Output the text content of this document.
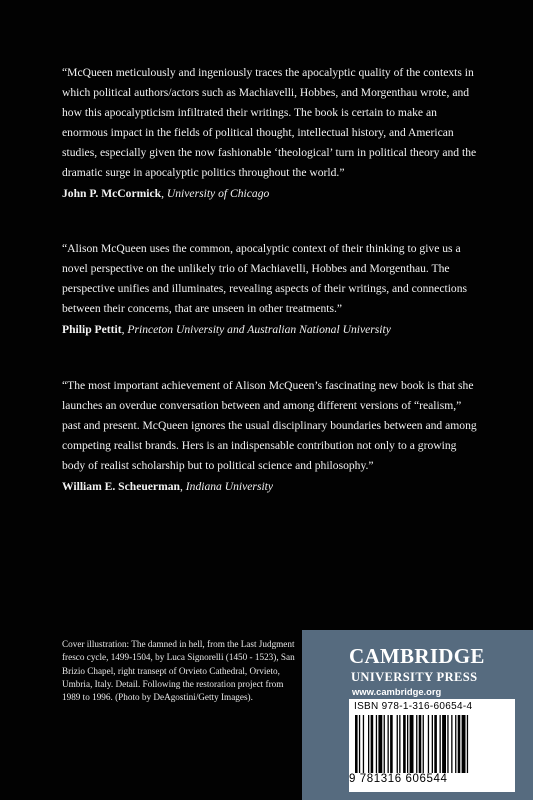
“McQueen meticulously and ingeniously traces the apocalyptic quality of the contexts in which political authors/actors such as Machiavelli, Hobbes, and Morgenthau wrote, and how this apocalypticism infiltrated their writings. The book is certain to make an enormous impact in the fields of political thought, intellectual history, and American studies, especially given the now fashionable ‘theological’ turn in political theory and the dramatic surge in apocalyptic politics throughout the world.”

John P. McCormick, University of Chicago

“Alison McQueen uses the common, apocalyptic context of their thinking to give us a novel perspective on the unlikely trio of Machiavelli, Hobbes and Morgenthau. The perspective unifies and illuminates, revealing aspects of their writings, and connections between their concerns, that are unseen in other treatments.”

Philip Pettit, Princeton University and Australian National University

“The most important achievement of Alison McQueen’s fascinating new book is that she launches an overdue conversation between and among different versions of “realism,” past and present. McQueen ignores the usual disciplinary boundaries between and among competing realist brands. Hers is an indispensable contribution not only to a growing body of realist scholarship but to political science and philosophy.”

William E. Scheuerman, Indiana University
Cover illustration: The damned in hell, from the Last Judgment fresco cycle, 1499-1504, by Luca Signorelli (1450 - 1523), San Brizio Chapel, right transept of Orvieto Cathedral, Orvieto, Umbria, Italy. Detail. Following the restoration project from 1989 to 1996. (Photo by DeAgostini/Getty Images).
CAMBRIDGE
UNIVERSITY PRESS
www.cambridge.org
ISBN 978-1-316-60654-4
9 781316 606544
